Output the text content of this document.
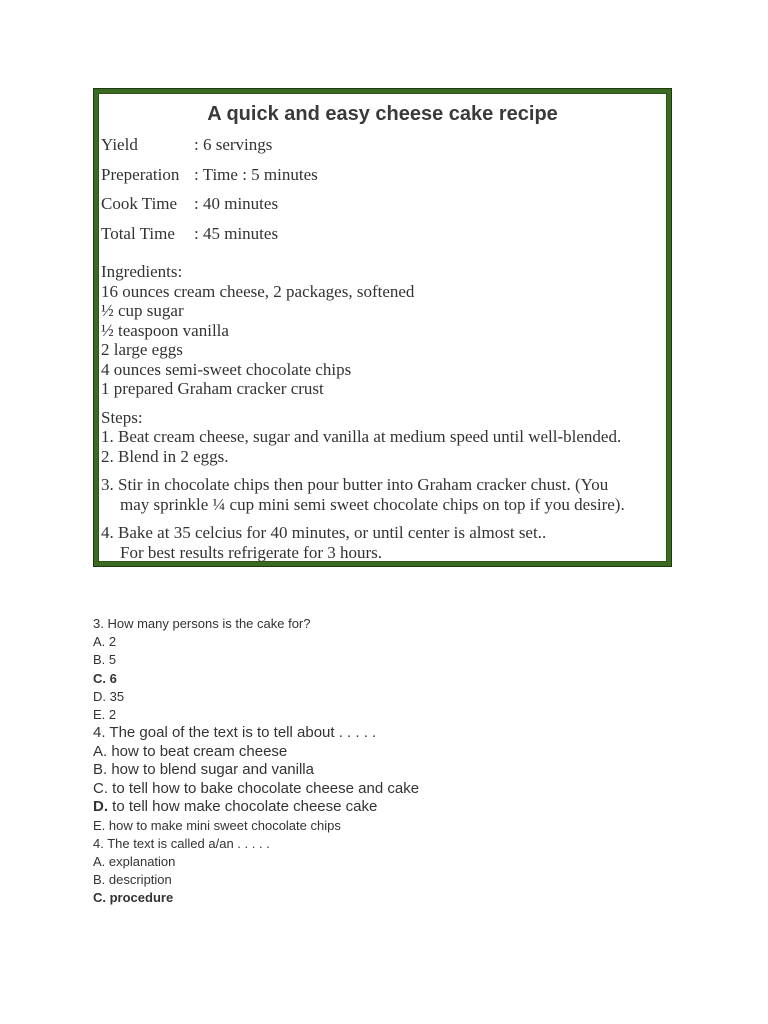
A quick and easy cheese cake recipe
Yield	: 6 servings
Preperation : Time : 5 minutes
Cook Time : 40 minutes
Total Time	: 45 minutes
Ingredients:
16 ounces cream cheese, 2 packages, softened
½ cup sugar
½ teaspoon vanilla
2 large eggs
4 ounces semi-sweet chocolate chips
1 prepared Graham cracker crust
Steps:
1. Beat cream cheese, sugar and vanilla at medium speed until well-blended.
2. Blend in 2 eggs.
3. Stir in chocolate chips then pour butter into Graham cracker chust. (You
may sprinkle ¼ cup mini semi sweet chocolate chips on top if you desire).
4. Bake at 35 celcius for 40 minutes, or until center is almost set..
For best results refrigerate for 3 hours.
3. How many persons is the cake for?
A. 2
B. 5
C. 6
D. 35
E. 2
4. The goal of the text is to tell about . . . . .
A. how to beat cream cheese
B. how to blend sugar and vanilla
C. to tell how to bake chocolate cheese and cake
D. to tell how make chocolate cheese cake
E. how to make mini sweet chocolate chips
4. The text is called a/an . . . . .
A. explanation
B. description
C. procedure
